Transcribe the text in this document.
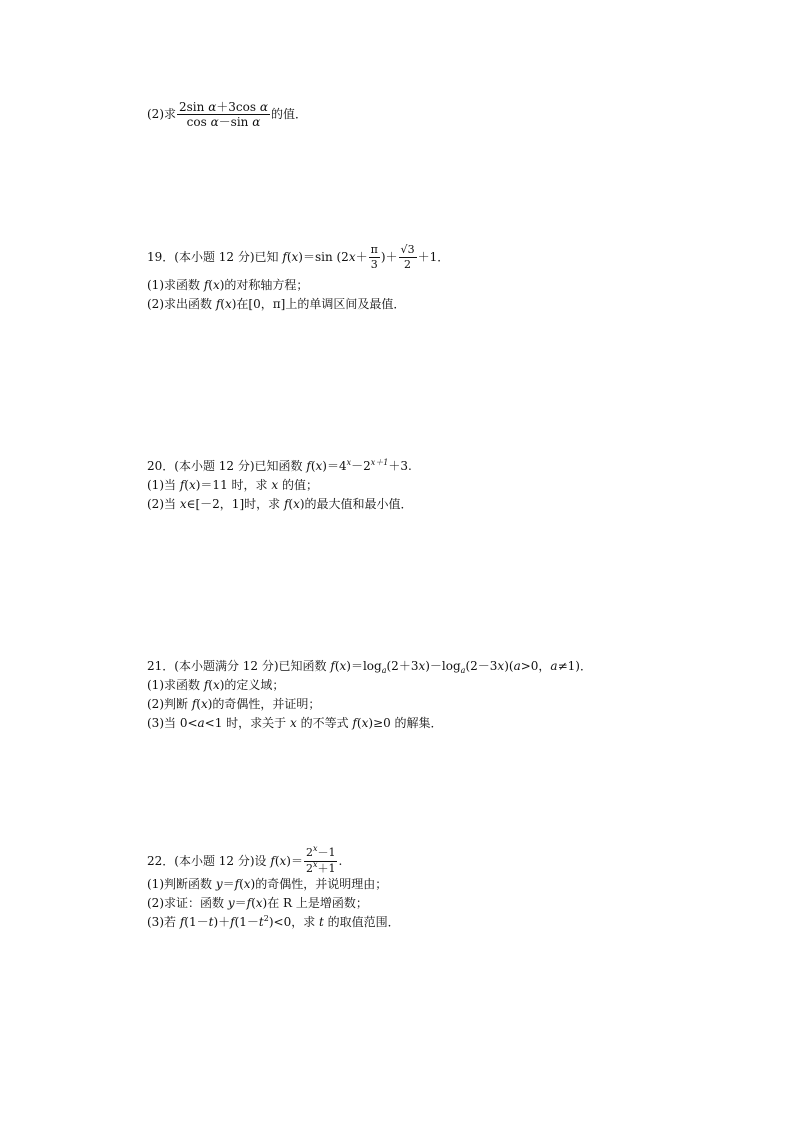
(2)求 $\frac{\text{2sin α＋3cos α}}{\text{cos α－sin α}}$ 的值．
19．(本小题 12 分)已知 f(x)＝sin ($2x+ \frac{\pi}{3}$ )＋ $\frac{√3}{2} +1$．
(1)求函数 f(x)的对称轴方程；
(2)求出函数 f(x)在[0，π]上的单调区间及最值．
20．(本小题 12 分)已知函数 $f(x)=4^x-2^{x+1}+3$.
(1)当 f(x)＝11 时，求 x 的值；
(2)当 x∈[－2，1]时，求 f(x)的最大值和最小值．
21．(本小题满分 12 分)已知函数 $f(x)=\log_a(2+3x)-\log_a(2-3x)(a>0$，a≠1)．
(1)求函数 f(x)的定义域；
(2)判断 f(x)的奇偶性，并证明；
(3)当 0<a<1 时，求关于 x 的不等式 f(x)≥0 的解集．
22．(本小题 12 分)设 $f(x)= \frac{2^x-1}{2^x+1}$ .
(1)判断函数 y＝f(x)的奇偶性，并说明理由；
(2)求证：函数 y＝f(x)在 R 上是增函数；
(3)若 $f(1-t)+f(1-t^2)<0$，求 t 的取值范围．
